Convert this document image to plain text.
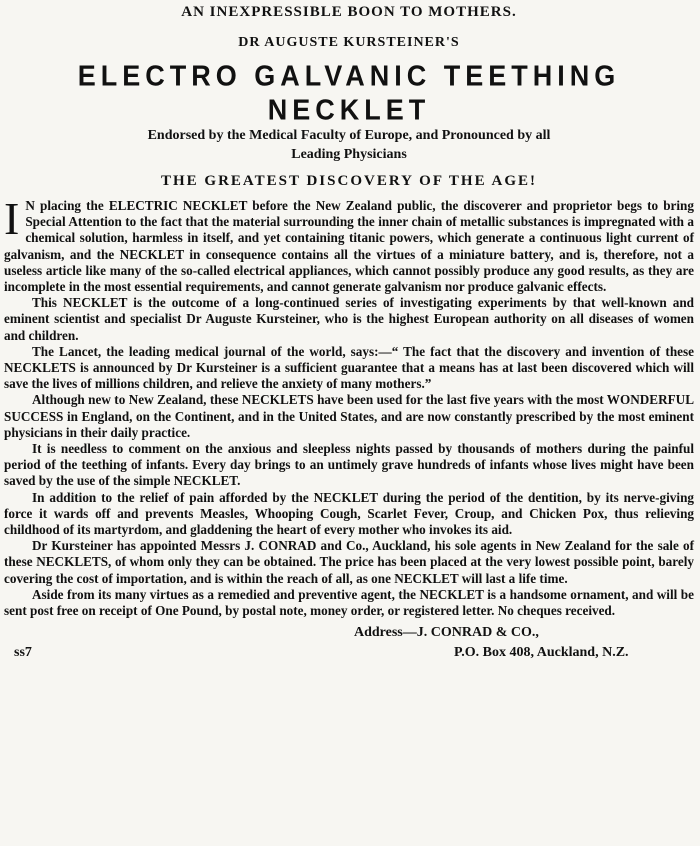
AN INEXPRESSIBLE BOON TO MOTHERS.
DR AUGUSTE KURSTEINER'S
ELECTRO GALVANIC TEETHING NECKLET
Endorsed by the Medical Faculty of Europe, and Pronounced by all
Leading Physicians
THE GREATEST DISCOVERY OF THE AGE!

I N placing the ELECTRIC NECKLET before the New Zealand public, the discoverer and proprietor begs to bring Special Attention to the fact that the material surrounding the inner chain of metallic substances is impregnated with a chemical solution, harmless in itself, and yet containing titanic powers, which generate a continuous light current of galvanism, and the NECKLET in consequence contains all the virtues of a miniature battery, and is, therefore, not a useless article like many of the so-called electrical appliances, which cannot possibly produce any good results, as they are incomplete in the most essential requirements, and cannot generate galvanism nor produce galvanic effects.

This NECKLET is the outcome of a long-continued series of investigating experiments by that well-known and eminent scientist and specialist Dr Auguste Kursteiner, who is the highest European authority on all diseases of women and children.

The Lancet, the leading medical journal of the world, says:—“ The fact that the discovery and invention of these NECKLETS is announced by Dr Kursteiner is a sufficient guarantee that a means has at last been discovered which will save the lives of millions children, and relieve the anxiety of many mothers.”

Although new to New Zealand, these NECKLETS have been used for the last five years with the most WONDERFUL SUCCESS in England, on the Continent, and in the United States, and are now constantly prescribed by the most eminent physicians in their daily practice.

It is needless to comment on the anxious and sleepless nights passed by thousands of mothers during the painful period of the teething of infants. Every day brings to an untimely grave hundreds of infants whose lives might have been saved by the use of the simple NECKLET.

In addition to the relief of pain afforded by the NECKLET during the period of the dentition, by its nerve-giving force it wards off and prevents Measles, Whooping Cough, Scarlet Fever, Croup, and Chicken Pox, thus relieving childhood of its martyrdom, and gladdening the heart of every mother who invokes its aid.

Dr Kursteiner has appointed Messrs J. CONRAD and Co., Auckland, his sole agents in New Zealand for the sale of these NECKLETS, of whom only they can be obtained. The price has been placed at the very lowest possible point, barely covering the cost of importation, and is within the reach of all, as one NECKLET will last a life time.

Aside from its many virtues as a remedied and preventive agent, the NECKLET is a handsome ornament, and will be sent post free on receipt of One Pound, by postal note, money order, or registered letter. No cheques received.

Address—J. CONRAD & CO.,
ss7	P.O. Box 408, Auckland, N.Z.
